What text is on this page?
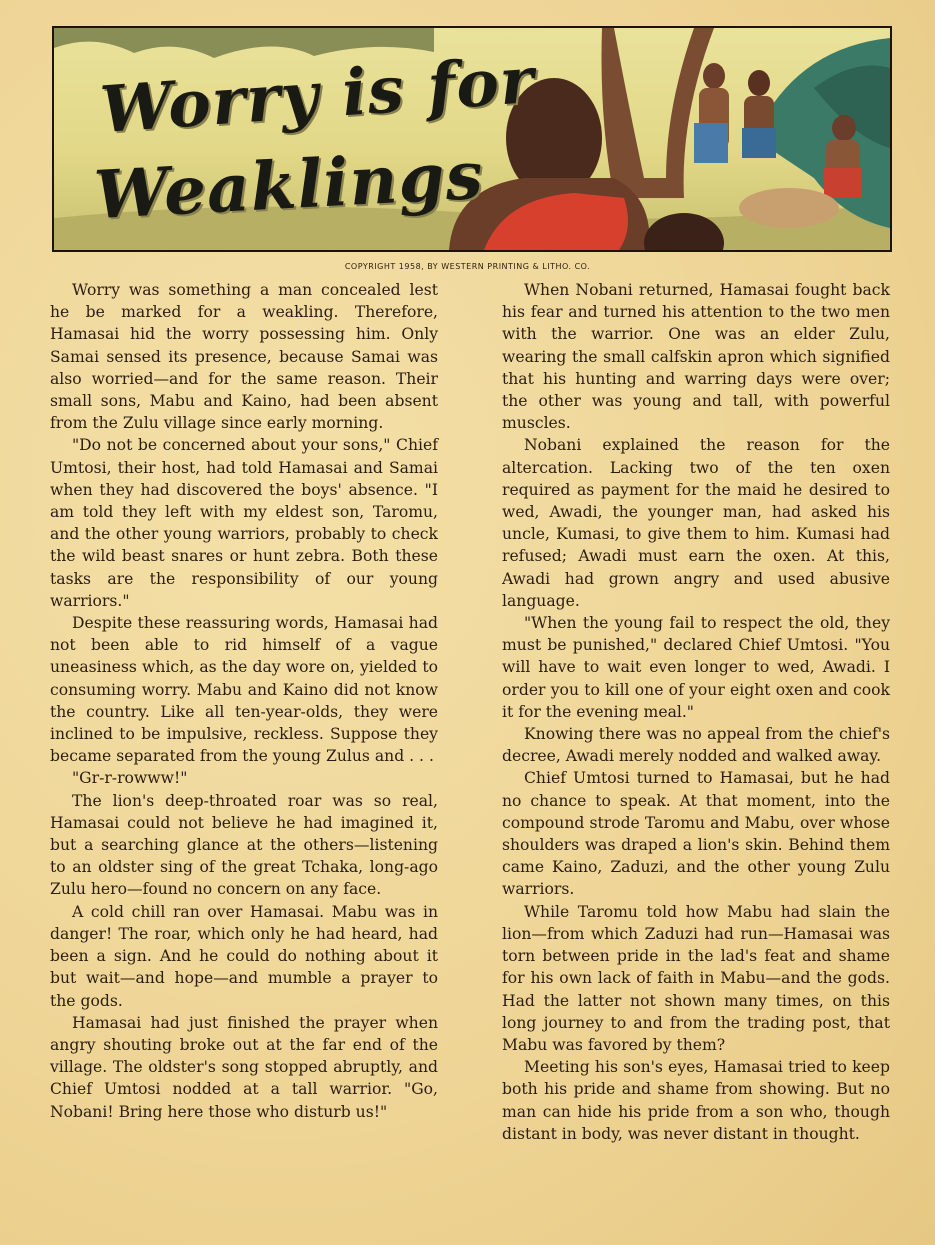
Worry is for
Weaklings
COPYRIGHT 1958, BY WESTERN PRINTING & LITHO. CO.

Worry was something a man concealed lest he be marked for a weakling. Therefore, Hamasai hid the worry possessing him. Only Samai sensed its presence, because Samai was also worried—and for the same reason. Their small sons, Mabu and Kaino, had been absent from the Zulu village since early morning.

"Do not be concerned about your sons," Chief Umtosi, their host, had told Hamasai and Samai when they had discovered the boys' absence. "I am told they left with my eldest son, Taromu, and the other young warriors, probably to check the wild beast snares or hunt zebra. Both these tasks are the responsibility of our young warriors."

Despite these reassuring words, Hamasai had not been able to rid himself of a vague uneasiness which, as the day wore on, yielded to consuming worry. Mabu and Kaino did not know the country. Like all ten-year-olds, they were inclined to be impulsive, reckless. Suppose they became separated from the young Zulus and . . .

"Gr-r-rowww!"

The lion's deep-throated roar was so real, Hamasai could not believe he had imagined it, but a searching glance at the others—listening to an oldster sing of the great Tchaka, long-ago Zulu hero—found no concern on any face.

A cold chill ran over Hamasai. Mabu was in danger! The roar, which only he had heard, had been a sign. And he could do nothing about it but wait—and hope—and mumble a prayer to the gods.

Hamasai had just finished the prayer when angry shouting broke out at the far end of the village. The oldster's song stopped abruptly, and Chief Umtosi nodded at a tall warrior. "Go, Nobani! Bring here those who disturb us!"

When Nobani returned, Hamasai fought back his fear and turned his attention to the two men with the warrior. One was an elder Zulu, wearing the small calfskin apron which signified that his hunting and warring days were over; the other was young and tall, with powerful muscles.

Nobani explained the reason for the altercation. Lacking two of the ten oxen required as payment for the maid he desired to wed, Awadi, the younger man, had asked his uncle, Kumasi, to give them to him. Kumasi had refused; Awadi must earn the oxen. At this, Awadi had grown angry and used abusive language.

"When the young fail to respect the old, they must be punished," declared Chief Umtosi. "You will have to wait even longer to wed, Awadi. I order you to kill one of your eight oxen and cook it for the evening meal."

Knowing there was no appeal from the chief's decree, Awadi merely nodded and walked away.

Chief Umtosi turned to Hamasai, but he had no chance to speak. At that moment, into the compound strode Taromu and Mabu, over whose shoulders was draped a lion's skin. Behind them came Kaino, Zaduzi, and the other young Zulu warriors.

While Taromu told how Mabu had slain the lion—from which Zaduzi had run—Hamasai was torn between pride in the lad's feat and shame for his own lack of faith in Mabu—and the gods. Had the latter not shown many times, on this long journey to and from the trading post, that Mabu was favored by them?

Meeting his son's eyes, Hamasai tried to keep both his pride and shame from showing. But no man can hide his pride from a son who, though distant in body, was never distant in thought.
